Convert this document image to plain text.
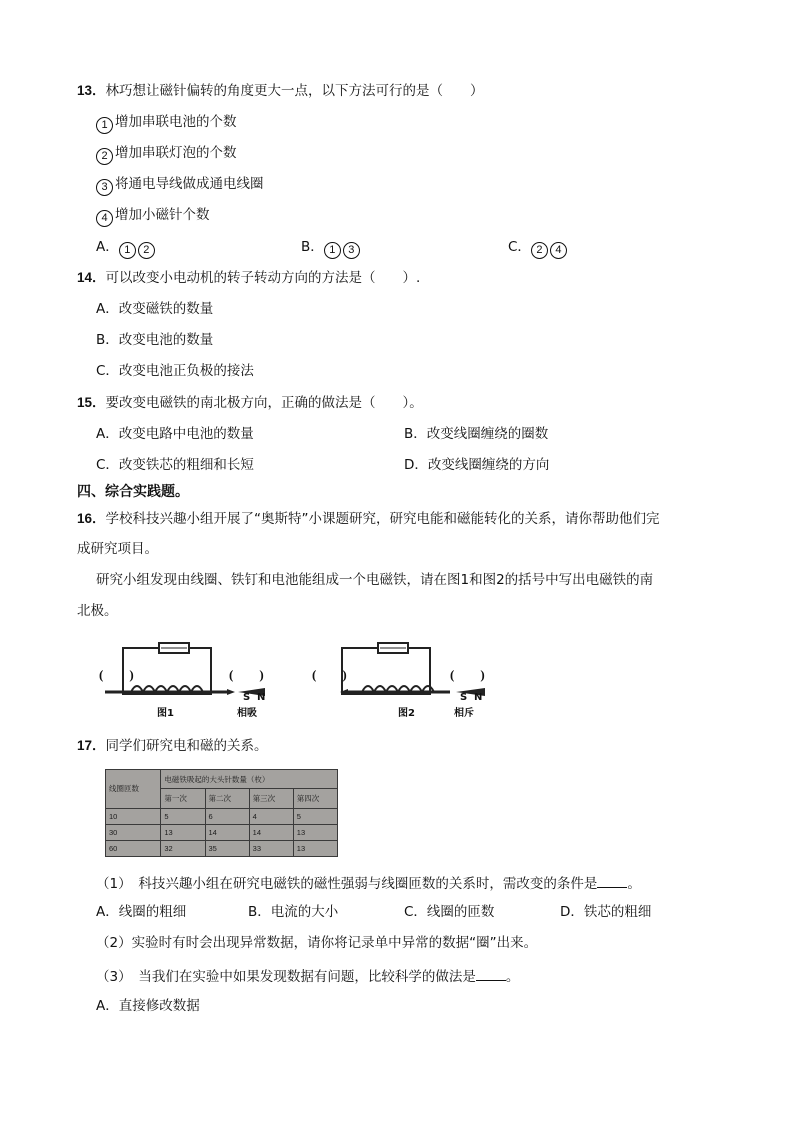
13．林巧想让磁针偏转的角度更大一点，以下方法可行的是（　　）
1 增加串联电池的个数
2 增加串联灯泡的个数
3 将通电导线做成通电线圈
4 增加小磁针个数
A． 1 2	B． 1 3	C． 2 4
14．可以改变小电动机的转子转动方向的方法是（　　）.
A．改变磁铁的数量
B．改变电池的数量
C．改变电池正负极的接法
15．要改变电磁铁的南北极方向，正确的做法是（　　）。
A．改变电路中电池的数量	B．改变线圈缠绕的圈数
C．改变铁芯的粗细和长短	D．改变线圈缠绕的方向
四、综合实践题。
16．学校科技兴趣小组开展了“奥斯特”小课题研究，研究电能和磁能转化的关系，请你帮助他们完
成研究项目。
研究小组发现由线圈、铁钉和电池能组成一个电磁铁，请在图1和图2的括号中写出电磁铁的南
北极。
(　　)	(　　)
S N
图1	相吸
(　　)	(　　)
S N
图2	相斥
17．同学们研究电和磁的关系。
线圈匝数	电磁铁吸起的大头针数量（枚）			
	第一次	第二次	第三次	第四次
10	5	6	4	5
30	13	14	14	13
60	32	35	33	13
（1）　科技兴趣小组在研究电磁铁的磁性强弱与线圈匝数的关系时，需改变的条件是 。
A．线圈的粗细	B．电流的大小	C．线圈的匝数	D．铁芯的粗细
（2）实验时有时会出现异常数据，请你将记录单中异常的数据“圈”出来。
（3）　当我们在实验中如果发现数据有问题，比较科学的做法是 。
A．直接修改数据
